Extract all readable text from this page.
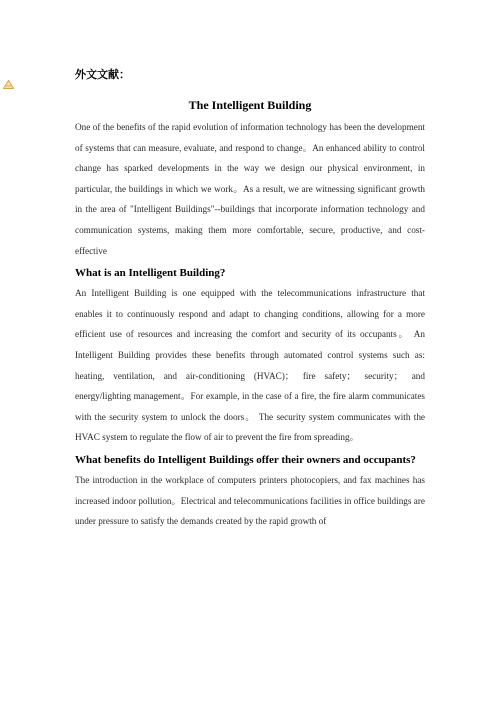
外文文献：
The Intelligent Building

One of the benefits of the rapid evolution of information technology has been the development of systems that can measure, evaluate, and respond to change。An enhanced ability to control change has sparked developments in the way we design our physical environment, in particular, the buildings in which we work。As a result, we are witnessing significant growth in the area of "Intelligent Buildings"--buildings that incorporate information technology and communication systems, making them more comfortable, secure, productive, and cost-effective

What is an Intelligent Building?

An Intelligent Building is one equipped with the telecommunications infrastructure that enables it to continuously respond and adapt to changing conditions, allowing for a more efficient use of resources and increasing the comfort and security of its occupants。 An Intelligent Building provides these benefits through automated control systems such as: heating, ventilation, and air-conditioning (HVAC)； fire safety； security； and energy/lighting management。For example, in the case of a fire, the fire alarm communicates with the security system to unlock the doors。 The security system communicates with the HVAC system to regulate the flow of air to prevent the fire from spreading。

What benefits do Intelligent Buildings offer their owners and occupants?

The introduction in the workplace of computers printers photocopiers, and fax machines has increased indoor pollution。Electrical and telecommunications facilities in office buildings are under pressure to satisfy the demands created by the rapid growth of
